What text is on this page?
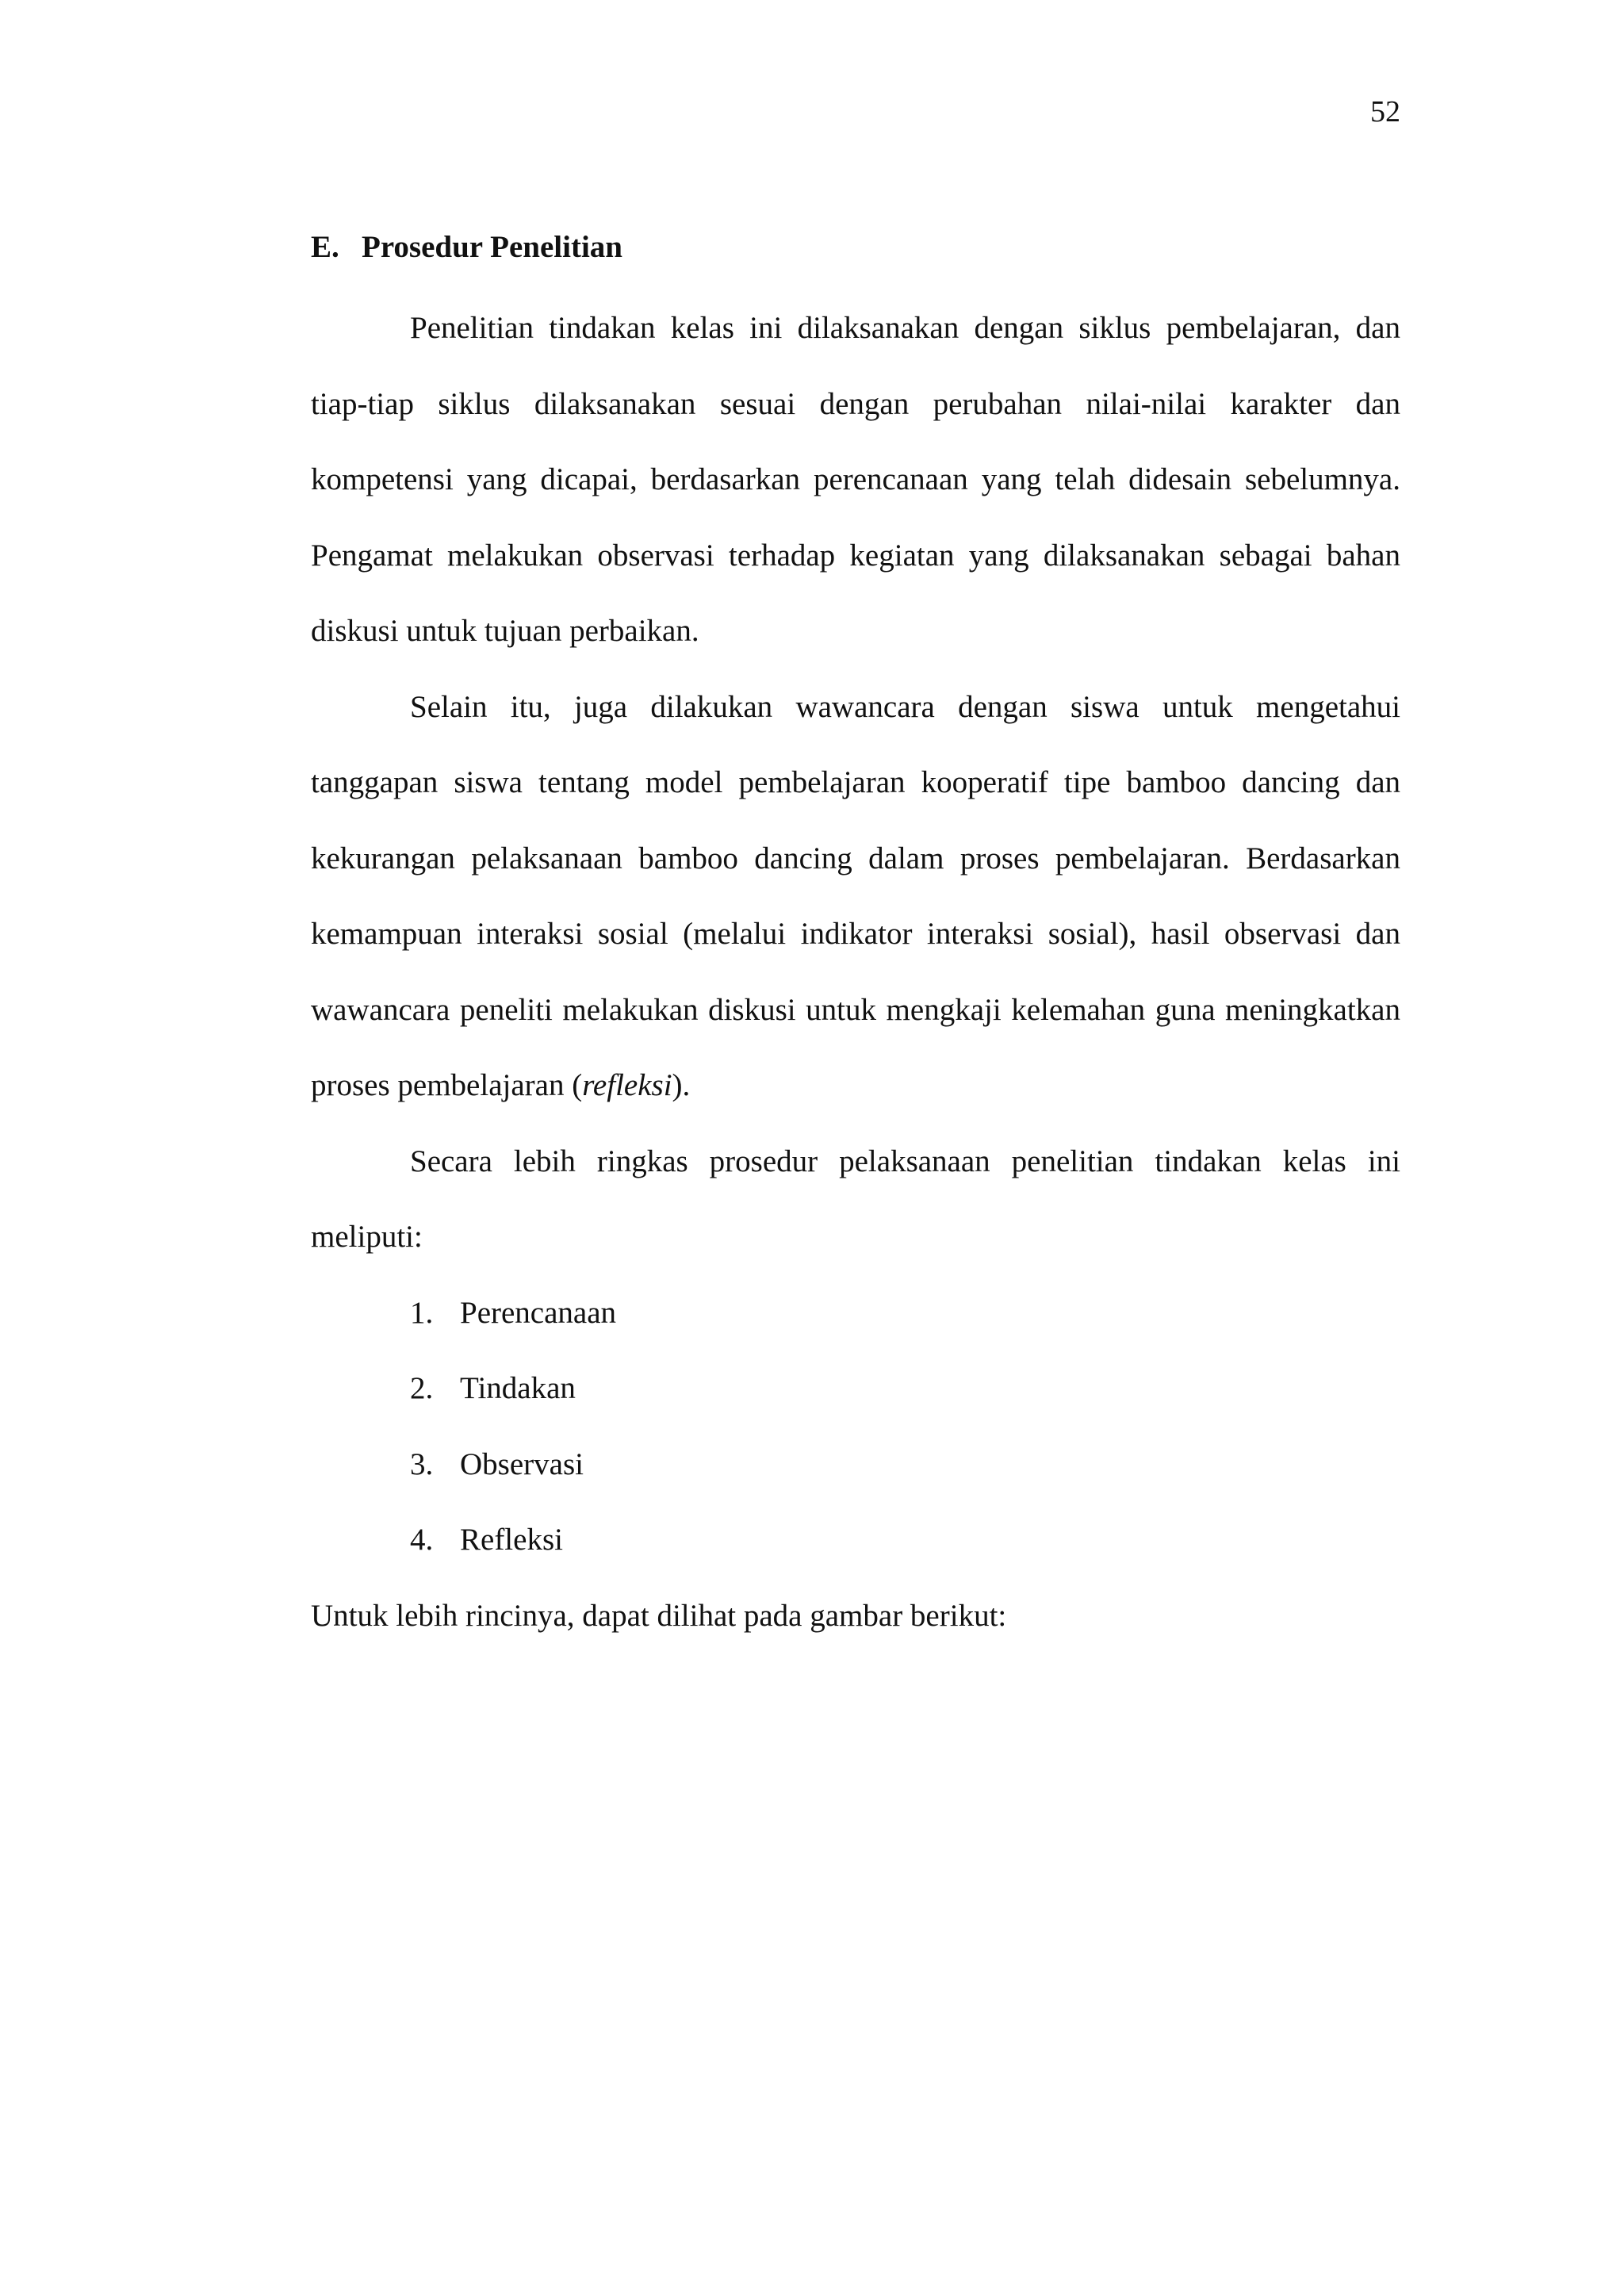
52
E. Prosedur Penelitian

Penelitian tindakan kelas ini dilaksanakan dengan siklus pembelajaran, dan tiap-tiap siklus dilaksanakan sesuai dengan perubahan nilai-nilai karakter dan kompetensi yang dicapai, berdasarkan perencanaan yang telah didesain sebelumnya. Pengamat melakukan observasi terhadap kegiatan yang dilaksanakan sebagai bahan diskusi untuk tujuan perbaikan.

Selain itu, juga dilakukan wawancara dengan siswa untuk mengetahui tanggapan siswa tentang model pembelajaran kooperatif tipe bamboo dancing dan kekurangan pelaksanaan bamboo dancing dalam proses pembelajaran. Berdasarkan kemampuan interaksi sosial (melalui indikator interaksi sosial), hasil observasi dan wawancara peneliti melakukan diskusi untuk mengkaji kelemahan guna meningkatkan proses pembelajaran (refleksi).

Secara lebih ringkas prosedur pelaksanaan penelitian tindakan kelas ini meliputi:

1. Perencanaan
2. Tindakan
3. Observasi
4. Refleksi

Untuk lebih rincinya, dapat dilihat pada gambar berikut:
